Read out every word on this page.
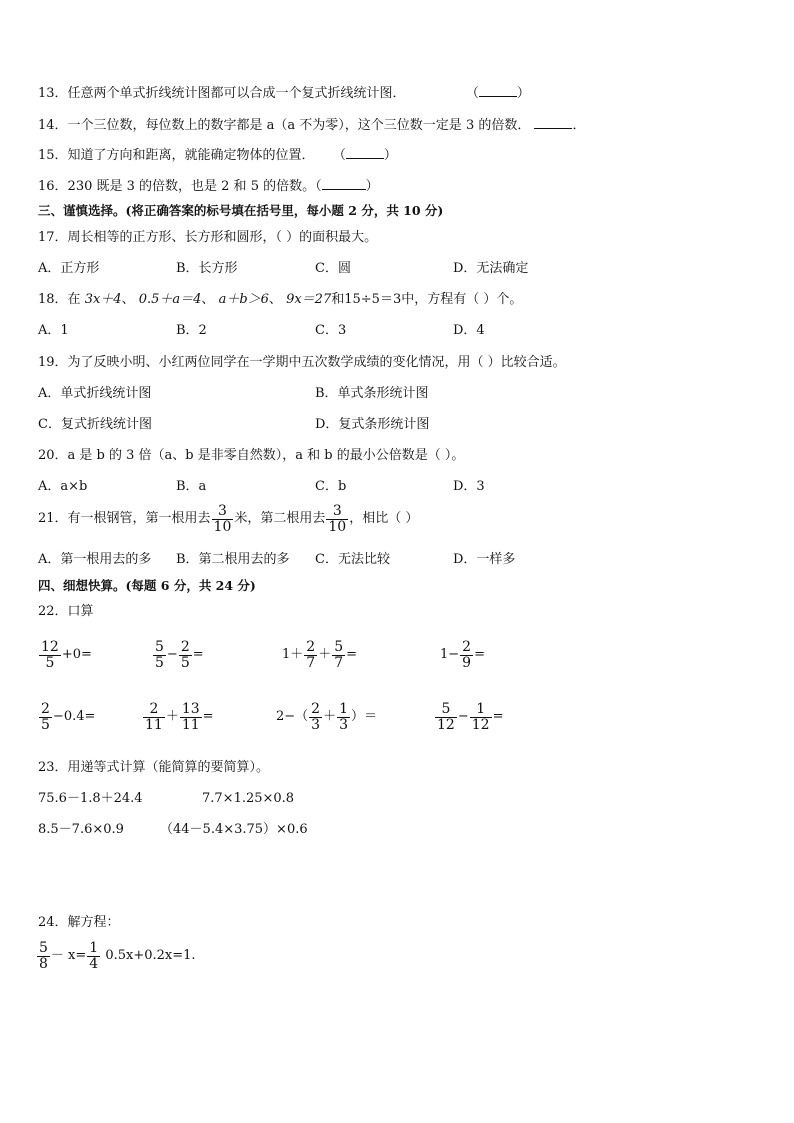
13．任意两个单式折线统计图都可以合成一个复式折线统计图．	（	）
14．一个三位数，每位数上的数字都是 a（a 不为零），这个三位数一定是 3 的倍数．	．
15．知道了方向和距离，就能确定物体的位置． （	）
16．230 既是 3 的倍数，也是 2 和 5 的倍数。（	）
三、谨慎选择。(将正确答案的标号填在括号里，每小题 2 分，共 10 分)
17．周长相等的正方形、长方形和圆形，（ ）的面积最大。
A．正方形	B．长方形	C．圆	D．无法确定
18．在 3x＋4、 0.5＋a＝4、 a＋b＞6、 9x＝27和15÷5＝3中，方程有（ ）个。
A．1	B．2	C．3	D．4
19．为了反映小明、小红两位同学在一学期中五次数学成绩的变化情况，用（ ）比较合适。
A．单式折线统计图	B．单式条形统计图
C．复式折线统计图	D．复式条形统计图
20．a 是 b 的 3 倍（a、b 是非零自然数），a 和 b 的最小公倍数是（ ）。
A．a×b	B．a	C．b	D．3
21．有一根钢管，第一根用去 $\frac{3}{10}$ 米，第二根用去 $\frac{3}{10}$ ，相比（ ）
A．第一根用去的多 B．第二根用去的多 C．无法比较	D．一样多
四、细想快算。(每题 6 分，共 24 分)
22．口算
$\frac{12}{5} +0=$	$\frac{5}{5} - \frac{2}{5}$ =	$1+ \frac{2}{7} + \frac{5}{7}$ =	$1- \frac{2}{9}$ =
$\frac{2}{5} -0.4=$	$\frac{2}{11} + \frac{13}{11}$ =	$2-( \frac{2}{3} + \frac{1}{3}$ ）＝	$\frac{5}{12} - \frac{1}{12}$ =
23．用递等式计算（能简算的要简算）。
75.6－1.8＋24.4	7.7×1.25×0.8
8.5－7.6×0.9	（44－5.4×3.75）×0.6
24．解方程：
$\frac{5}{8} - x= \frac{1}{4} 0.5x+0.2x=1$.
